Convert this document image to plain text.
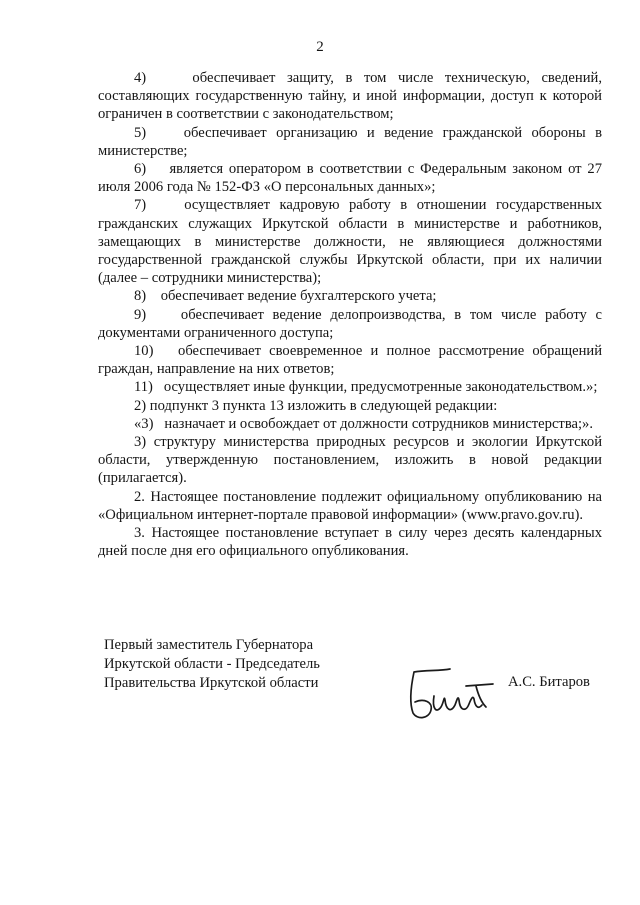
2

4)    обеспечивает защиту, в том числе техническую, сведений, составляющих государственную тайну, и иной информации, доступ к которой ограничен в соответствии с законодательством;

5)    обеспечивает организацию и ведение гражданской обороны в министерстве;

6)    является оператором в соответствии с Федеральным законом от 27 июля 2006 года № 152-ФЗ «О персональных данных»;

7)    осуществляет кадровую работу в отношении государственных гражданских служащих Иркутской области в министерстве и работников, замещающих в министерстве должности, не являющиеся должностями государственной гражданской службы Иркутской области, при их наличии (далее – сотрудники министерства);

8)    обеспечивает ведение бухгалтерского учета;

9)    обеспечивает ведение делопроизводства, в том числе работу с документами ограниченного доступа;

10)   обеспечивает своевременное и полное рассмотрение обращений граждан, направление на них ответов;

11)   осуществляет иные функции, предусмотренные законодательством.»;

2) подпункт 3 пункта 13 изложить в следующей редакции:

«3)   назначает и освобождает от должности сотрудников министерства;».

3) структуру министерства природных ресурсов и экологии Иркутской области, утвержденную постановлением, изложить в новой редакции (прилагается).

2. Настоящее постановление подлежит официальному опубликованию на «Официальном интернет-портале правовой информации» (www.pravo.gov.ru).

3. Настоящее постановление вступает в силу через десять календарных дней после дня его официального опубликования.

Первый заместитель Губернатора
Иркутской области - Председатель
Правительства Иркутской области	А.С. Битаров
